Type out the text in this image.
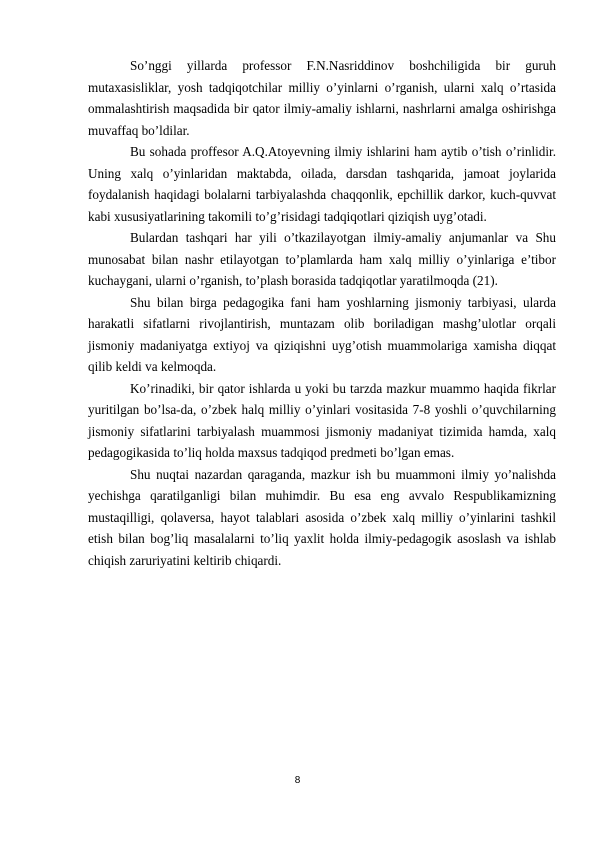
So’nggi yillarda professor F.N.Nasriddinov boshchiligida bir guruh mutaxasisliklar, yosh tadqiqotchilar milliy o’yinlarni o’rganish, ularni xalq o’rtasida ommalashtirish maqsadida bir qator ilmiy-amaliy ishlarni, nashrlarni amalga oshirishga muvaffaq bo’ldilar.

Bu sohada proffesor A.Q.Atoyevning ilmiy ishlarini ham aytib o’tish o’rinlidir. Uning xalq o’yinlaridan maktabda, oilada, darsdan tashqarida, jamoat joylarida foydalanish haqidagi bolalarni tarbiyalashda chaqqonlik, epchillik darkor, kuch-quvvat kabi xususiyatlarining takomili to’g’risidagi tadqiqotlari qiziqish uyg’otadi.

Bulardan tashqari har yili o’tkazilayotgan ilmiy-amaliy anjumanlar va Shu munosabat bilan nashr etilayotgan to’plamlarda ham xalq milliy o’yinlariga e’tibor kuchaygani, ularni o’rganish, to’plash borasida tadqiqotlar yaratilmoqda (21).

Shu bilan birga pedagogika fani ham yoshlarning jismoniy tarbiyasi, ularda harakatli sifatlarni rivojlantirish, muntazam olib boriladigan mashg’ulotlar orqali jismoniy madaniyatga extiyoj va qiziqishni uyg’otish muammolariga xamisha diqqat qilib keldi va kelmoqda.

Ko’rinadiki, bir qator ishlarda u yoki bu tarzda mazkur muammo haqida fikrlar yuritilgan bo’lsa-da, o’zbek halq milliy o’yinlari vositasida 7-8 yoshli o’quvchilarning jismoniy sifatlarini tarbiyalash muammosi jismoniy madaniyat tizimida hamda, xalq pedagogikasida to’liq holda maxsus tadqiqod predmeti bo’lgan emas.

Shu nuqtai nazardan qaraganda, mazkur ish bu muammoni ilmiy yo’nalishda yechishga qaratilganligi bilan muhimdir. Bu esa eng avvalo Respublikamizning mustaqilligi, qolaversa, hayot talablari asosida o’zbek xalq milliy o’yinlarini tashkil etish bilan bog’liq masalalarni to’liq yaxlit holda ilmiy-pedagogik asoslash va ishlab chiqish zaruriyatini keltirib chiqardi.

8
